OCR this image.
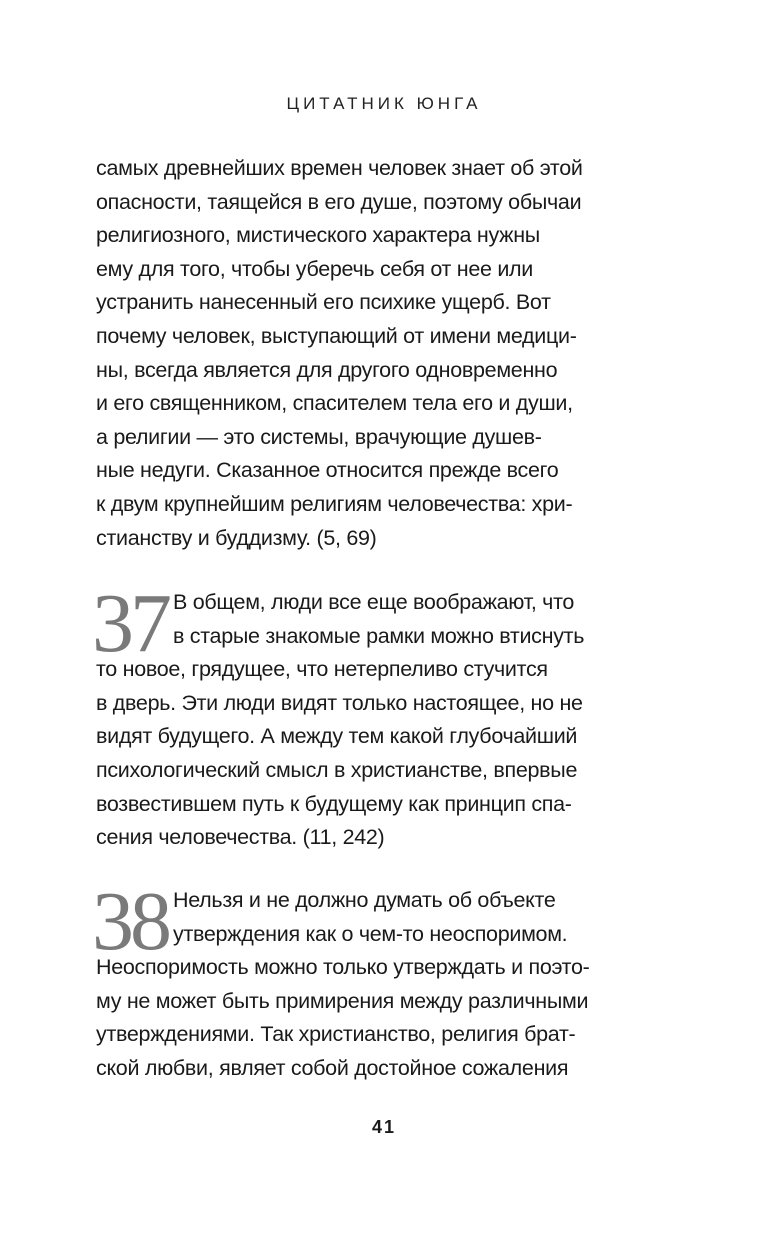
ЦИТАТНИК ЮНГА
самых древнейших времен человек знает об этой
опасности, таящейся в его душе, поэтому обычаи
религиозного, мистического характера нужны
ему для того, чтобы уберечь себя от нее или
устранить нанесенный его психике ущерб. Вот
почему человек, выступающий от имени медици-
ны, всегда является для другого одновременно
и его священником, спасителем тела его и души,
а религии — это системы, врачующие душев-
ные недуги. Сказанное относится прежде всего
к двум крупнейшим религиям человечества: хри-
стианству и буддизму. (5, 69)
37 В общем, люди все еще воображают, что
в старые знакомые рамки можно втиснуть
то новое, грядущее, что нетерпеливо стучится
в дверь. Эти люди видят только настоящее, но не
видят будущего. А между тем какой глубочайший
психологический смысл в христианстве, впервые
возвестившем путь к будущему как принцип спа-
сения человечества. (11, 242)
38 Нельзя и не должно думать об объекте
утверждения как о чем-то неоспоримом.
Неоспоримость можно только утверждать и поэто-
му не может быть примирения между различными
утверждениями. Так христианство, религия брат-
ской любви, являет собой достойное сожаления
41
